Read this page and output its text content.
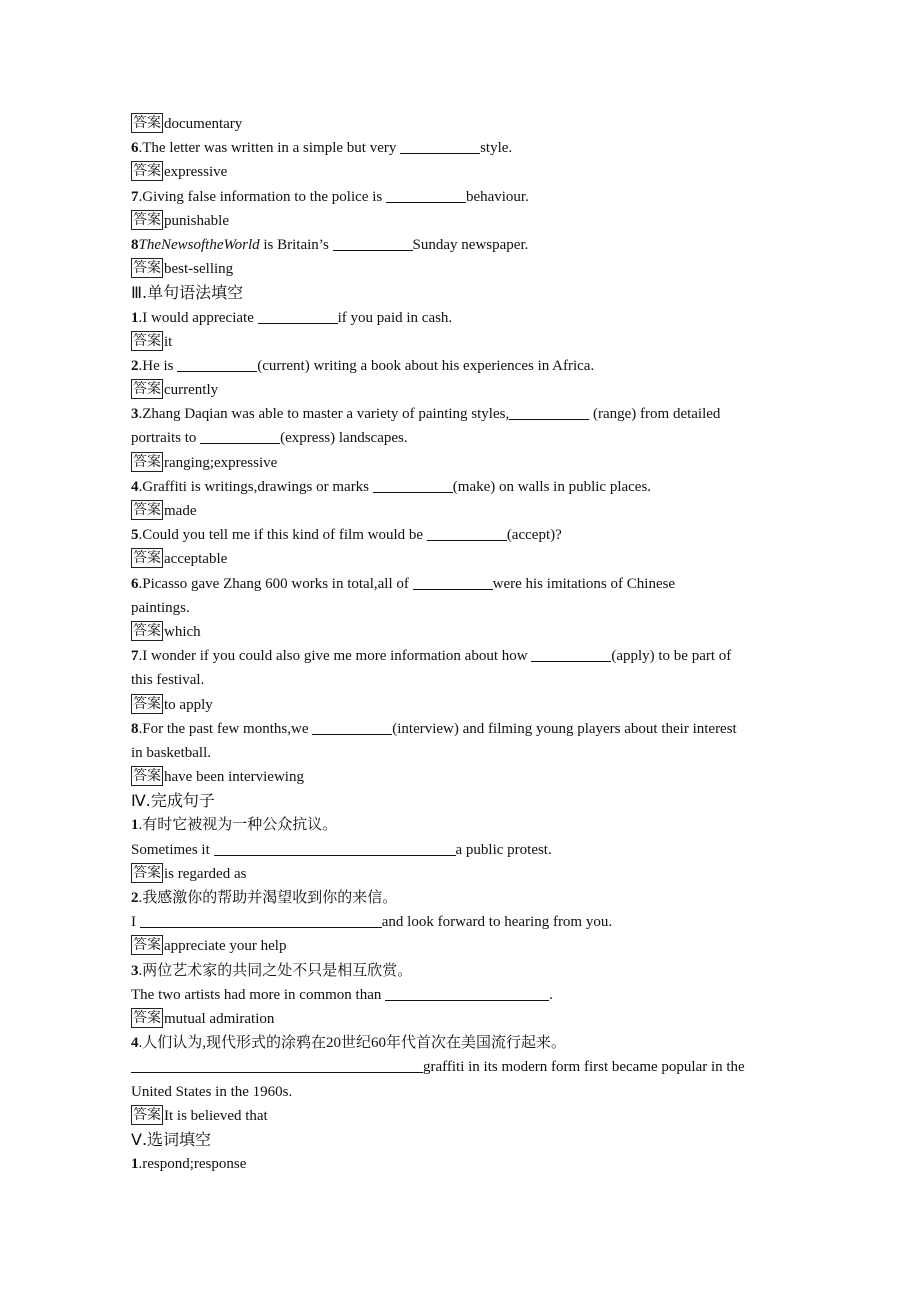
答案 documentary
6.The letter was written in a simple but very	style.
答案 expressive
7.Giving false information to the police is	behaviour.
答案 punishable
8TheNewsoftheWorld is Britain’s	Sunday newspaper.
答案 best-selling
Ⅲ.单句语法填空
1.I would appreciate	if you paid in cash.
答案 it
2.He is	(current) writing a book about his experiences in Africa.
答案 currently
3.Zhang Daqian was able to master a variety of painting styles,	(range) from detailed
portraits to	(express) landscapes.
答案 ranging;expressive
4.Graffiti is writings,drawings or marks	(make) on walls in public places.
答案 made
5.Could you tell me if this kind of film would be	(accept)?
答案 acceptable
6.Picasso gave Zhang 600 works in total,all of	were his imitations of Chinese
paintings.
答案 which
7.I wonder if you could also give me more information about how	(apply) to be part of
this festival.
答案 to apply
8.For the past few months,we	(interview) and filming young players about their interest
in basketball.
答案 have been interviewing
Ⅳ.完成句子
1.有时它被视为一种公众抗议。
Sometimes it	a public protest.
答案 is regarded as
2.我感激你的帮助并渴望收到你的来信。
I	and look forward to hearing from you.
答案 appreciate your help
3.两位艺术家的共同之处不只是相互欣赏。
The two artists had more in common than	.
答案 mutual admiration
4.人们认为,现代形式的涂鸦在20世纪60年代首次在美国流行起来。
graffiti in its modern form first became popular in the
United States in the 1960s.
答案 It is believed that
Ⅴ.选词填空
1.respond;response
